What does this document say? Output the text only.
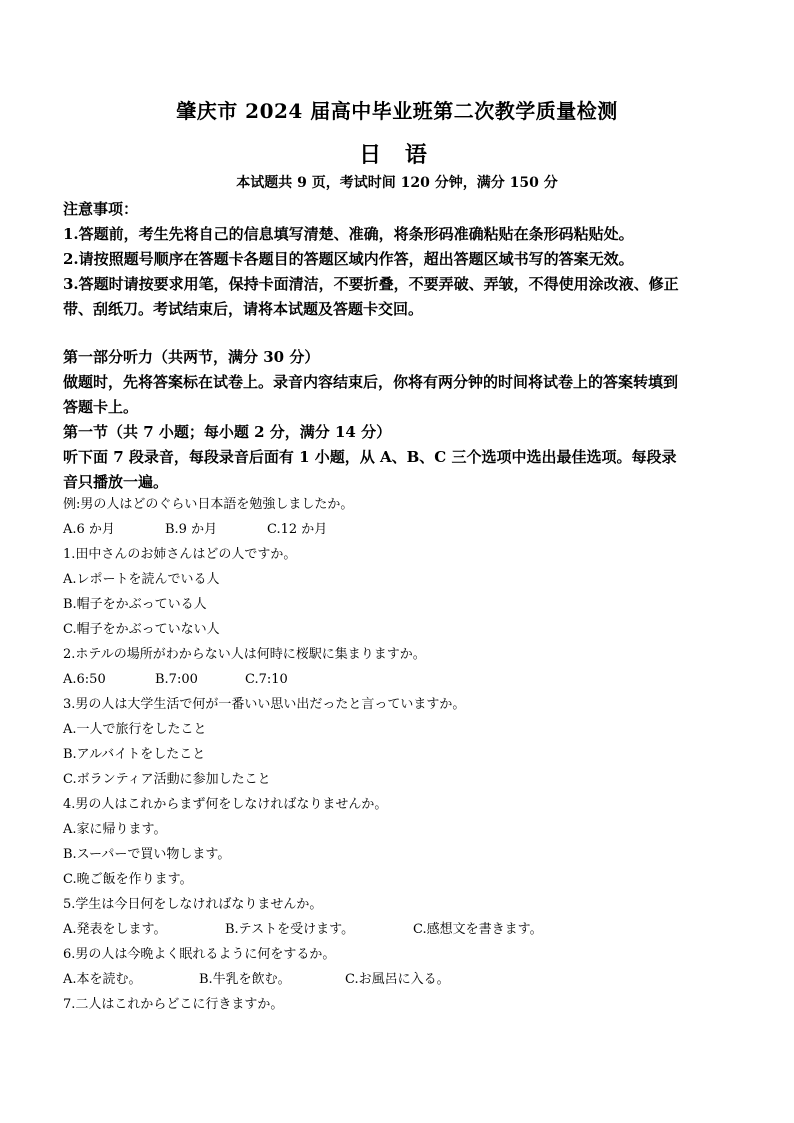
肇庆市 2024 届高中毕业班第二次教学质量检测
日 语
本试题共 9 页，考试时间 120 分钟，满分 150 分
注意事项：
1.答题前，考生先将自己的信息填写清楚、准确，将条形码准确粘贴在条形码粘贴处。
2.请按照题号顺序在答题卡各题目的答题区域内作答，超出答题区域书写的答案无效。
3.答题时请按要求用笔，保持卡面清洁，不要折叠，不要弄破、弄皱，不得使用涂改液、修正
带、刮纸刀。考试结束后，请将本试题及答题卡交回。
第一部分听力（共两节，满分 30 分）
做题时，先将答案标在试卷上。录音内容结束后，你将有两分钟的时间将试卷上的答案转填到
答题卡上。
第一节（共 7 小题；每小题 2 分，满分 14 分）
听下面 7 段录音，每段录音后面有 1 小题，从 A、B、C 三个选项中选出最佳选项。每段录
音只播放一遍。
例:男の人はどのぐらい日本語を勉強しましたか。
A.6 か月	B.9 か月	C.12 か月
1.田中さんのお姉さんはどの人ですか。
A.レポートを読んでいる人
B.帽子をかぶっている人
C.帽子をかぶっていない人
2.ホテルの場所がわからない人は何時に桜駅に集まりますか。
A.6:50	B.7:00	C.7:10
3.男の人は大学生活で何が一番いい思い出だったと言っていますか。
A.一人で旅行をしたこと
B.アルバイトをしたこと
C.ボランティア活動に参加したこと
4.男の人はこれからまず何をしなければなりませんか。
A.家に帰ります。
B.スーパーで買い物します。
C.晩ご飯を作ります。
5.学生は今日何をしなければなりませんか。
A.発表をします。	B.テストを受けます。	C.感想文を書きます。
6.男の人は今晩よく眠れるように何をするか。
A.本を読む。	B.牛乳を飲む。	C.お風呂に入る。
7.二人はこれからどこに行きますか。
